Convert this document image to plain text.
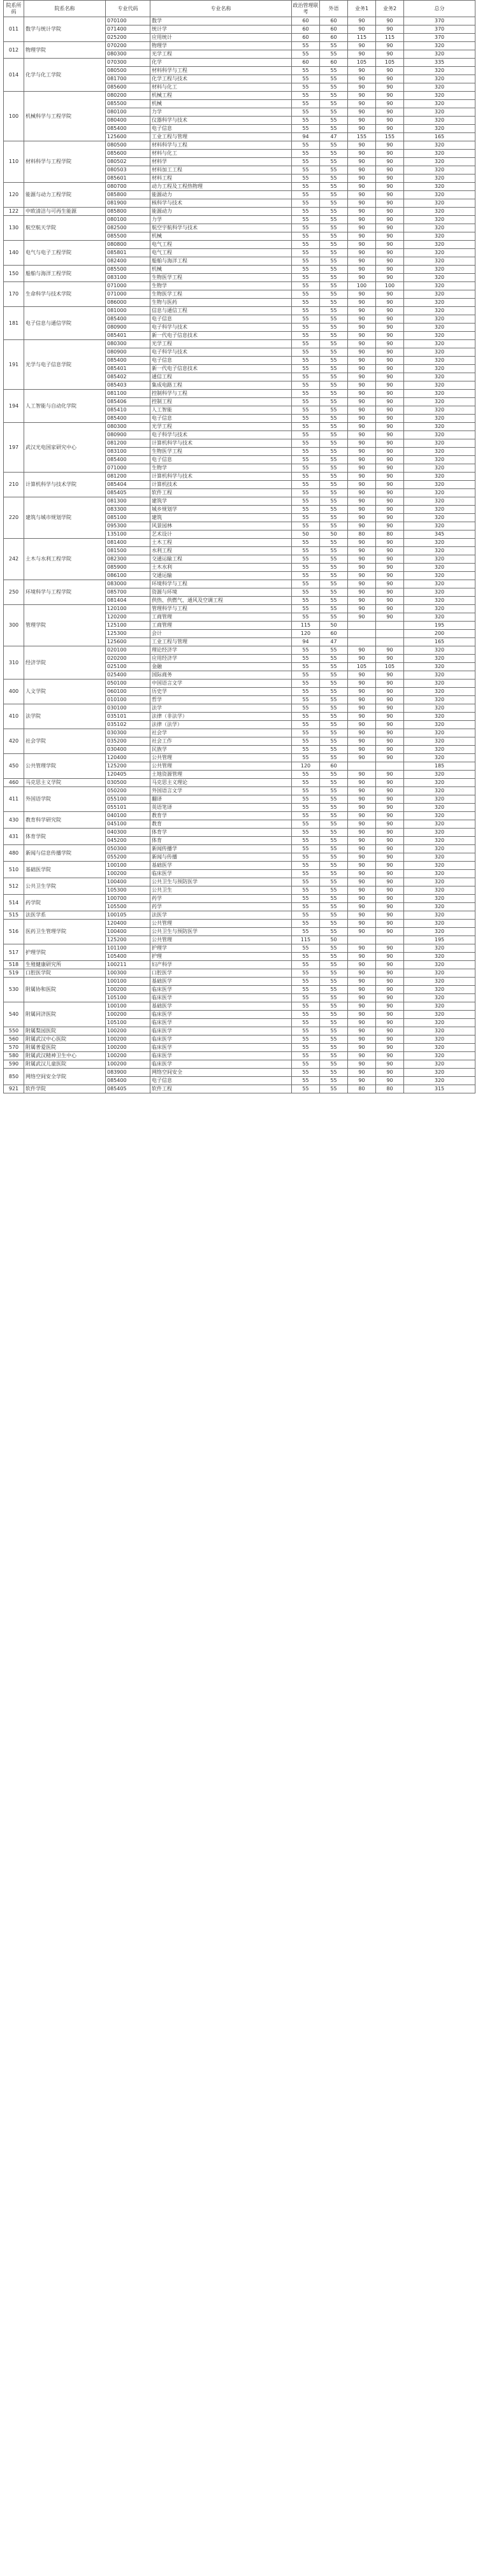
院系所码	院系名称	专业代码	专业名称	政治管理联考	外语	业务1	业务2	总分
011	数学与统计学院	070100	数学	60	60	90	90	370
		071400	统计学	60	60	90	90	370
		025200	应用统计	60	60	115	115	370
012	物理学院	070200	物理学	55	55	90	90	320
		080300	光学工程	55	55	90	90	320
014	化学与化工学院	070300	化学	60	60	105	105	335
		080500	材料科学与工程	55	55	90	90	320
		081700	化学工程与技术	55	55	90	90	320
		085600	材料与化工	55	55	90	90	320
100	机械科学与工程学院	080200	机械工程	55	55	90	90	320
		085500	机械	55	55	90	90	320
		080100	力学	55	55	90	90	320
		080400	仪器科学与技术	55	55	90	90	320
		085400	电子信息	55	55	90	90	320
		125600	工业工程与管理	94	47	155	155	165
110	材料科学与工程学院	080500	材料科学与工程	55	55	90	90	320
		085600	材料与化工	55	55	90	90	320
		080502	材料学	55	55	90	90	320
		080503	材料加工工程	55	55	90	90	320
		085601	材料工程	55	55	90	90	320
120	能源与动力工程学院	080700	动力工程及工程热物理	55	55	90	90	320
		085800	能源动力	55	55	90	90	320
		081900	核科学与技术	55	55	90	90	320
122	中欧清洁与可再生能源	085800	能源动力	55	55	90	90	320
130	航空航天学院	080100	力学	55	55	90	90	320
		082500	航空宇航科学与技术	55	55	90	90	320
		085500	机械	55	55	90	90	320
140	电气与电子工程学院	080800	电气工程	55	55	90	90	320
		085801	电气工程	55	55	90	90	320
		082400	船舶与海洋工程	55	55	90	90	320
150	船舶与海洋工程学院	085500	机械	55	55	90	90	320
		083100	生物医学工程	55	55	90	90	320
170	生命科学与技术学院	071000	生物学	55	55	100	100	320
		071000	生物医学工程	55	55	90	90	320
		086000	生物与医药	55	55	90	90	320
181	电子信息与通信学院	081000	信息与通信工程	55	55	90	90	320
		085400	电子信息	55	55	90	90	320
		080900	电子科学与技术	55	55	90	90	320
		085401	新一代电子信息技术	55	55	90	90	320
191	光学与电子信息学院	080300	光学工程	55	55	90	90	320
		080900	电子科学与技术	55	55	90	90	320
		085400	电子信息	55	55	90	90	320
		085401	新一代电子信息技术	55	55	90	90	320
		085402	通信工程	55	55	90	90	320
		085403	集成电路工程	55	55	90	90	320
194	人工智能与自动化学院	081100	控制科学与工程	55	55	90	90	320
		085406	控制工程	55	55	90	90	320
		085410	人工智能	55	55	90	90	320
		085400	电子信息	55	55	90	90	320
197	武汉光电国家研究中心	080300	光学工程	55	55	90	90	320
		080900	电子科学与技术	55	55	90	90	320
		081200	计算机科学与技术	55	55	90	90	320
		083100	生物医学工程	55	55	90	90	320
		085400	电子信息	55	55	90	90	320
		071000	生物学	55	55	90	90	320
210	计算机科学与技术学院	081200	计算机科学与技术	55	55	90	90	320
		085404	计算机技术	55	55	90	90	320
		085405	软件工程	55	55	90	90	320
220	建筑与城市规划学院	081300	建筑学	55	55	90	90	320
		083300	城乡规划学	55	55	90	90	320
		085100	建筑	55	55	90	90	320
		095300	风景园林	55	55	90	90	320
		135100	艺术设计	50	50	80	80	345
242	土木与水利工程学院	081400	土木工程	55	55	90	90	320
		081500	水利工程	55	55	90	90	320
		082300	交通运输工程	55	55	90	90	320
		085900	土木水利	55	55	90	90	320
		086100	交通运输	55	55	90	90	320
250	环境科学与工程学院	083000	环境科学与工程	55	55	90	90	320
		085700	资源与环境	55	55	90	90	320
		081404	供热、供燃气、通风及空调工程	55	55	90	90	320
300	管理学院	120100	管理科学与工程	55	55	90	90	320
		120200	工商管理	55	55	90	90	320
		125100	工商管理	115	50			195
		125300	会计	120	60			200
		125600	工业工程与管理	94	47			165
310	经济学院	020100	理论经济学	55	55	90	90	320
		020200	应用经济学	55	55	90	90	320
		025100	金融	55	55	105	105	320
		025400	国际商务	55	55	90	90	320
400	人文学院	050100	中国语言文学	55	55	90	90	320
		060100	历史学	55	55	90	90	320
		010100	哲学	55	55	90	90	320
410	法学院	030100	法学	55	55	90	90	320
		035101	法律（非法学）	55	55	90	90	320
		035102	法律（法学）	55	55	90	90	320
420	社会学院	030300	社会学	55	55	90	90	320
		035200	社会工作	55	55	90	90	320
		030400	民族学	55	55	90	90	320
450	公共管理学院	120400	公共管理	55	55	90	90	320
		125200	公共管理	120	60			185
		120405	土地资源管理	55	55	90	90	320
460	马克思主义学院	030500	马克思主义理论	55	55	90	90	320
411	外国语学院	050200	外国语言文学	55	55	90	90	320
		055100	翻译	55	55	90	90	320
		055101	英语笔译	55	55	90	90	320
430	教育科学研究院	040100	教育学	55	55	90	90	320
		045100	教育	55	55	90	90	320
431	体育学院	040300	体育学	55	55	90	90	320
		045200	体育	55	55	90	90	320
480	新闻与信息传播学院	050300	新闻传播学	55	55	90	90	320
		055200	新闻与传播	55	55	90	90	320
510	基础医学院	100100	基础医学	55	55	90	90	320
		100200	临床医学	55	55	90	90	320
512	公共卫生学院	100400	公共卫生与预防医学	55	55	90	90	320
		105300	公共卫生	55	55	90	90	320
514	药学院	100700	药学	55	55	90	90	320
		105500	药学	55	55	90	90	320
515	法医学系	100105	法医学	55	55	90	90	320
516	医药卫生管理学院	120400	公共管理	55	55	90	90	320
		100400	公共卫生与预防医学	55	55	90	90	320
		125200	公共管理	115	50			195
517	护理学院	101100	护理学	55	55	90	90	320
		105400	护理	55	55	90	90	320
518	生殖健康研究所	100211	妇产科学	55	55	90	90	320
519	口腔医学院	100300	口腔医学	55	55	90	90	320
530	附属协和医院	100100	基础医学	55	55	90	90	320
		100200	临床医学	55	55	90	90	320
		105100	临床医学	55	55	90	90	320
540	附属同济医院	100100	基础医学	55	55	90	90	320
		100200	临床医学	55	55	90	90	320
		105100	临床医学	55	55	90	90	320
550	附属梨园医院	100200	临床医学	55	55	90	90	320
560	附属武汉中心医院	100200	临床医学	55	55	90	90	320
570	附属普爱医院	100200	临床医学	55	55	90	90	320
580	附属武汉精神卫生中心	100200	临床医学	55	55	90	90	320
590	附属武汉儿童医院	100200	临床医学	55	55	90	90	320
850	网络空间安全学院	083900	网络空间安全	55	55	90	90	320
		085400	电子信息	55	55	90	90	320
921	软件学院	085405	软件工程	55	55	80	80	315
